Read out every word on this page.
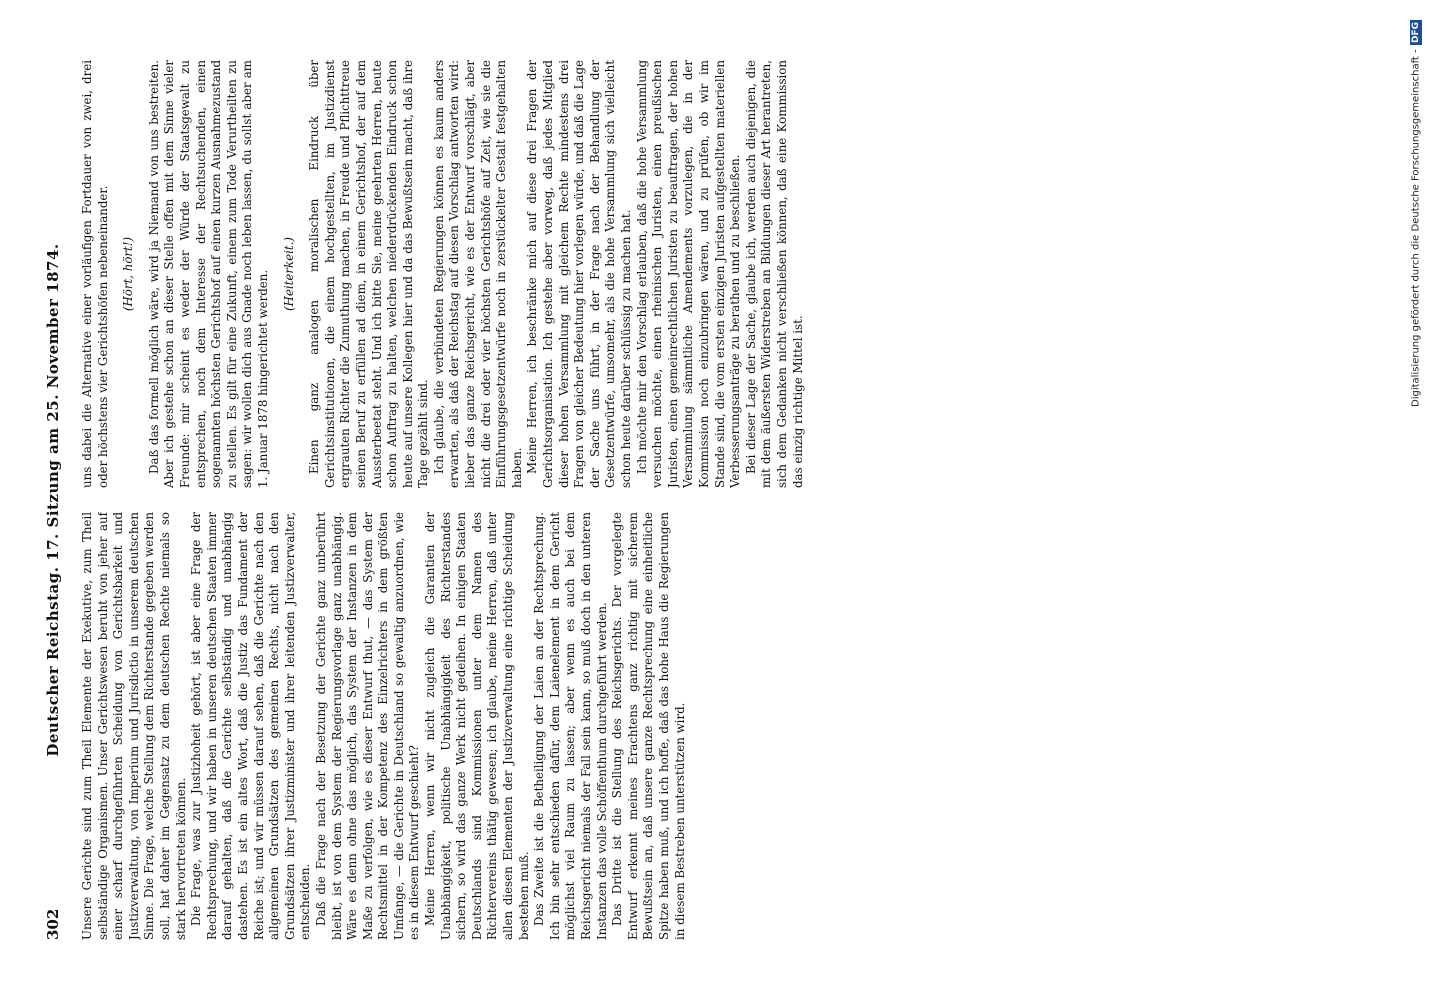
302
Deutscher Reichstag. 17. Sitzung am 25. November 1874. Unsere Gerichte sind zum Theil Elemente der Exekutive, zum Theil selbständige Organismen. Unser Gerichtswesen beruht von jeher auf einer scharf durchgeführten Scheidung von Gerichtsbarkeit und Justizverwaltung, von Imperium und Jurisdictio in unserem deutschen Sinne. Die Frage, welche Stellung dem Richterstande gegeben werden soll, hat daher im Gegensatz zu dem deutschen Rechte niemals so stark hervortreten können. Die Frage, was zur Justizhoheit gehört, ist aber eine Frage der Rechtsprechung, und wir haben in unseren deutschen Staaten immer darauf gehalten, daß die Gerichte selbständig und unabhängig dastehen. Es ist ein altes Wort, daß die Justiz das Fundament der Reiche ist; und wir müssen darauf sehen, daß die Gerichte nach den allgemeinen Grundsätzen des gemeinen Rechts, nicht nach den Grundsätzen ihrer Justizminister und ihrer leitenden Justizverwalter, entscheiden. Daß die Frage nach der Besetzung der Gerichte ganz unberührt bleibt, ist von dem System der Regierungsvorlage ganz unabhängig. Wäre es denn ohne das möglich, das System der Instanzen in dem Maße zu verfolgen, wie es dieser Entwurf thut, — das System der Rechtsmittel in der Kompetenz des Einzelrichters in dem größten Umfange, — die Gerichte in Deutschland so gewaltig anzuordnen, wie es in diesem Entwurf geschieht? Meine Herren, wenn wir nicht zugleich die Garantien der Unabhängigkeit, politische Unabhängigkeit des Richterstandes sichern, so wird das ganze Werk nicht gedeihen. In einigen Staaten Deutschlands sind Kommissionen unter dem Namen des Richtervereins thätig gewesen; ich glaube, meine Herren, daß unter allen diesen Elementen der Justizverwaltung eine richtige Scheidung bestehen muß. Das Zweite ist die Betheiligung der Laien an der Rechtsprechung. Ich bin sehr entschieden dafür, dem Laienelement in dem Gericht möglichst viel Raum zu lassen; aber wenn es auch bei dem Reichsgericht niemals der Fall sein kann, so muß doch in den unteren Instanzen das volle Schöffenthum durchgeführt werden. Das Dritte ist die Stellung des Reichsgerichts. Der vorgelegte Entwurf erkennt meines Erachtens ganz richtig mit sicherem Bewußtsein an, daß unsere ganze Rechtsprechung eine einheitliche Spitze haben muß, und ich hoffe, daß das hohe Haus die Regierungen in diesem Bestreben unterstützen wird.

uns dabei die Alternative einer vorläufigen Fortdauer von zwei, drei oder höchstens vier Gerichtshöfen nebeneinander. (Hört, hört!) Daß das formell möglich wäre, wird ja Niemand von uns bestreiten. Aber ich gestehe schon an dieser Stelle offen mit dem Sinne vieler Freunde: mir scheint es weder der Würde der Staatsgewalt zu entsprechen, noch dem Interesse der Rechtsuchenden, einen sogenannten höchsten Gerichtshof auf einen kurzen Ausnahmezustand zu stellen. Es gilt für eine Zukunft, einem zum Tode Verurtheilten zu sagen: wir wollen dich aus Gnade noch leben lassen, du sollst aber am 1. Januar 1878 hingerichtet werden. (Heiterkeit.) Einen ganz analogen moralischen Eindruck über Gerichtsinstitutionen, die einem hochgestellten, im Justizdienst ergrauten Richter die Zumuthung machen, in Freude und Pflichttreue seinen Beruf zu erfüllen ad diem, in einem Gerichtshof, der auf dem Aussterbeetat steht. Und ich bitte Sie, meine geehrten Herren, heute schon Auftrag zu halten, welchen niederdrückenden Eindruck schon heute auf unsere Kollegen hier und da das Bewußtsein macht, daß ihre Tage gezählt sind. Ich glaube, die verbündeten Regierungen können es kaum anders erwarten, als daß der Reichstag auf diesen Vorschlag antworten wird: lieber das ganze Reichsgericht, wie es der Entwurf vorschlägt, aber nicht die drei oder vier höchsten Gerichtshöfe auf Zeit, wie sie die Einführungsgesetzentwürfe noch in zerstückelter Gestalt festgehalten haben. Meine Herren, ich beschränke mich auf diese drei Fragen der Gerichtsorganisation. Ich gestehe aber vorweg, daß jedes Mitglied dieser hohen Versammlung mit gleichem Rechte mindestens drei Fragen von gleicher Bedeutung hier vorlegen würde, und daß die Lage der Sache uns führt, in der Frage nach der Behandlung der Gesetzentwürfe, umsomehr, als die hohe Versammlung sich vielleicht schon heute darüber schlüssig zu machen hat. Ich möchte mir den Vorschlag erlauben, daß die hohe Versammlung versuchen möchte, einen rheinischen Juristen, einen preußischen Juristen, einen gemeinrechtlichen Juristen zu beauftragen, der hohen Versammlung sämmtliche Amendements vorzulegen, die in der Kommission noch einzubringen wären, und zu prüfen, ob wir im Stande sind, die vom ersten einzigen Juristen aufgestellten materiellen Verbesserungsanträge zu berathen und zu beschließen. Bei dieser Lage der Sache, glaube ich, werden auch diejenigen, die mit dem äußersten Widerstreben an Bildungen dieser Art herantreten, sich dem Gedanken nicht verschließen können, daß eine Kommission das einzig richtige Mittel ist.	Digitalisierung gefördert durch die Deutsche Forschungsgemeinschaft -
DFG
